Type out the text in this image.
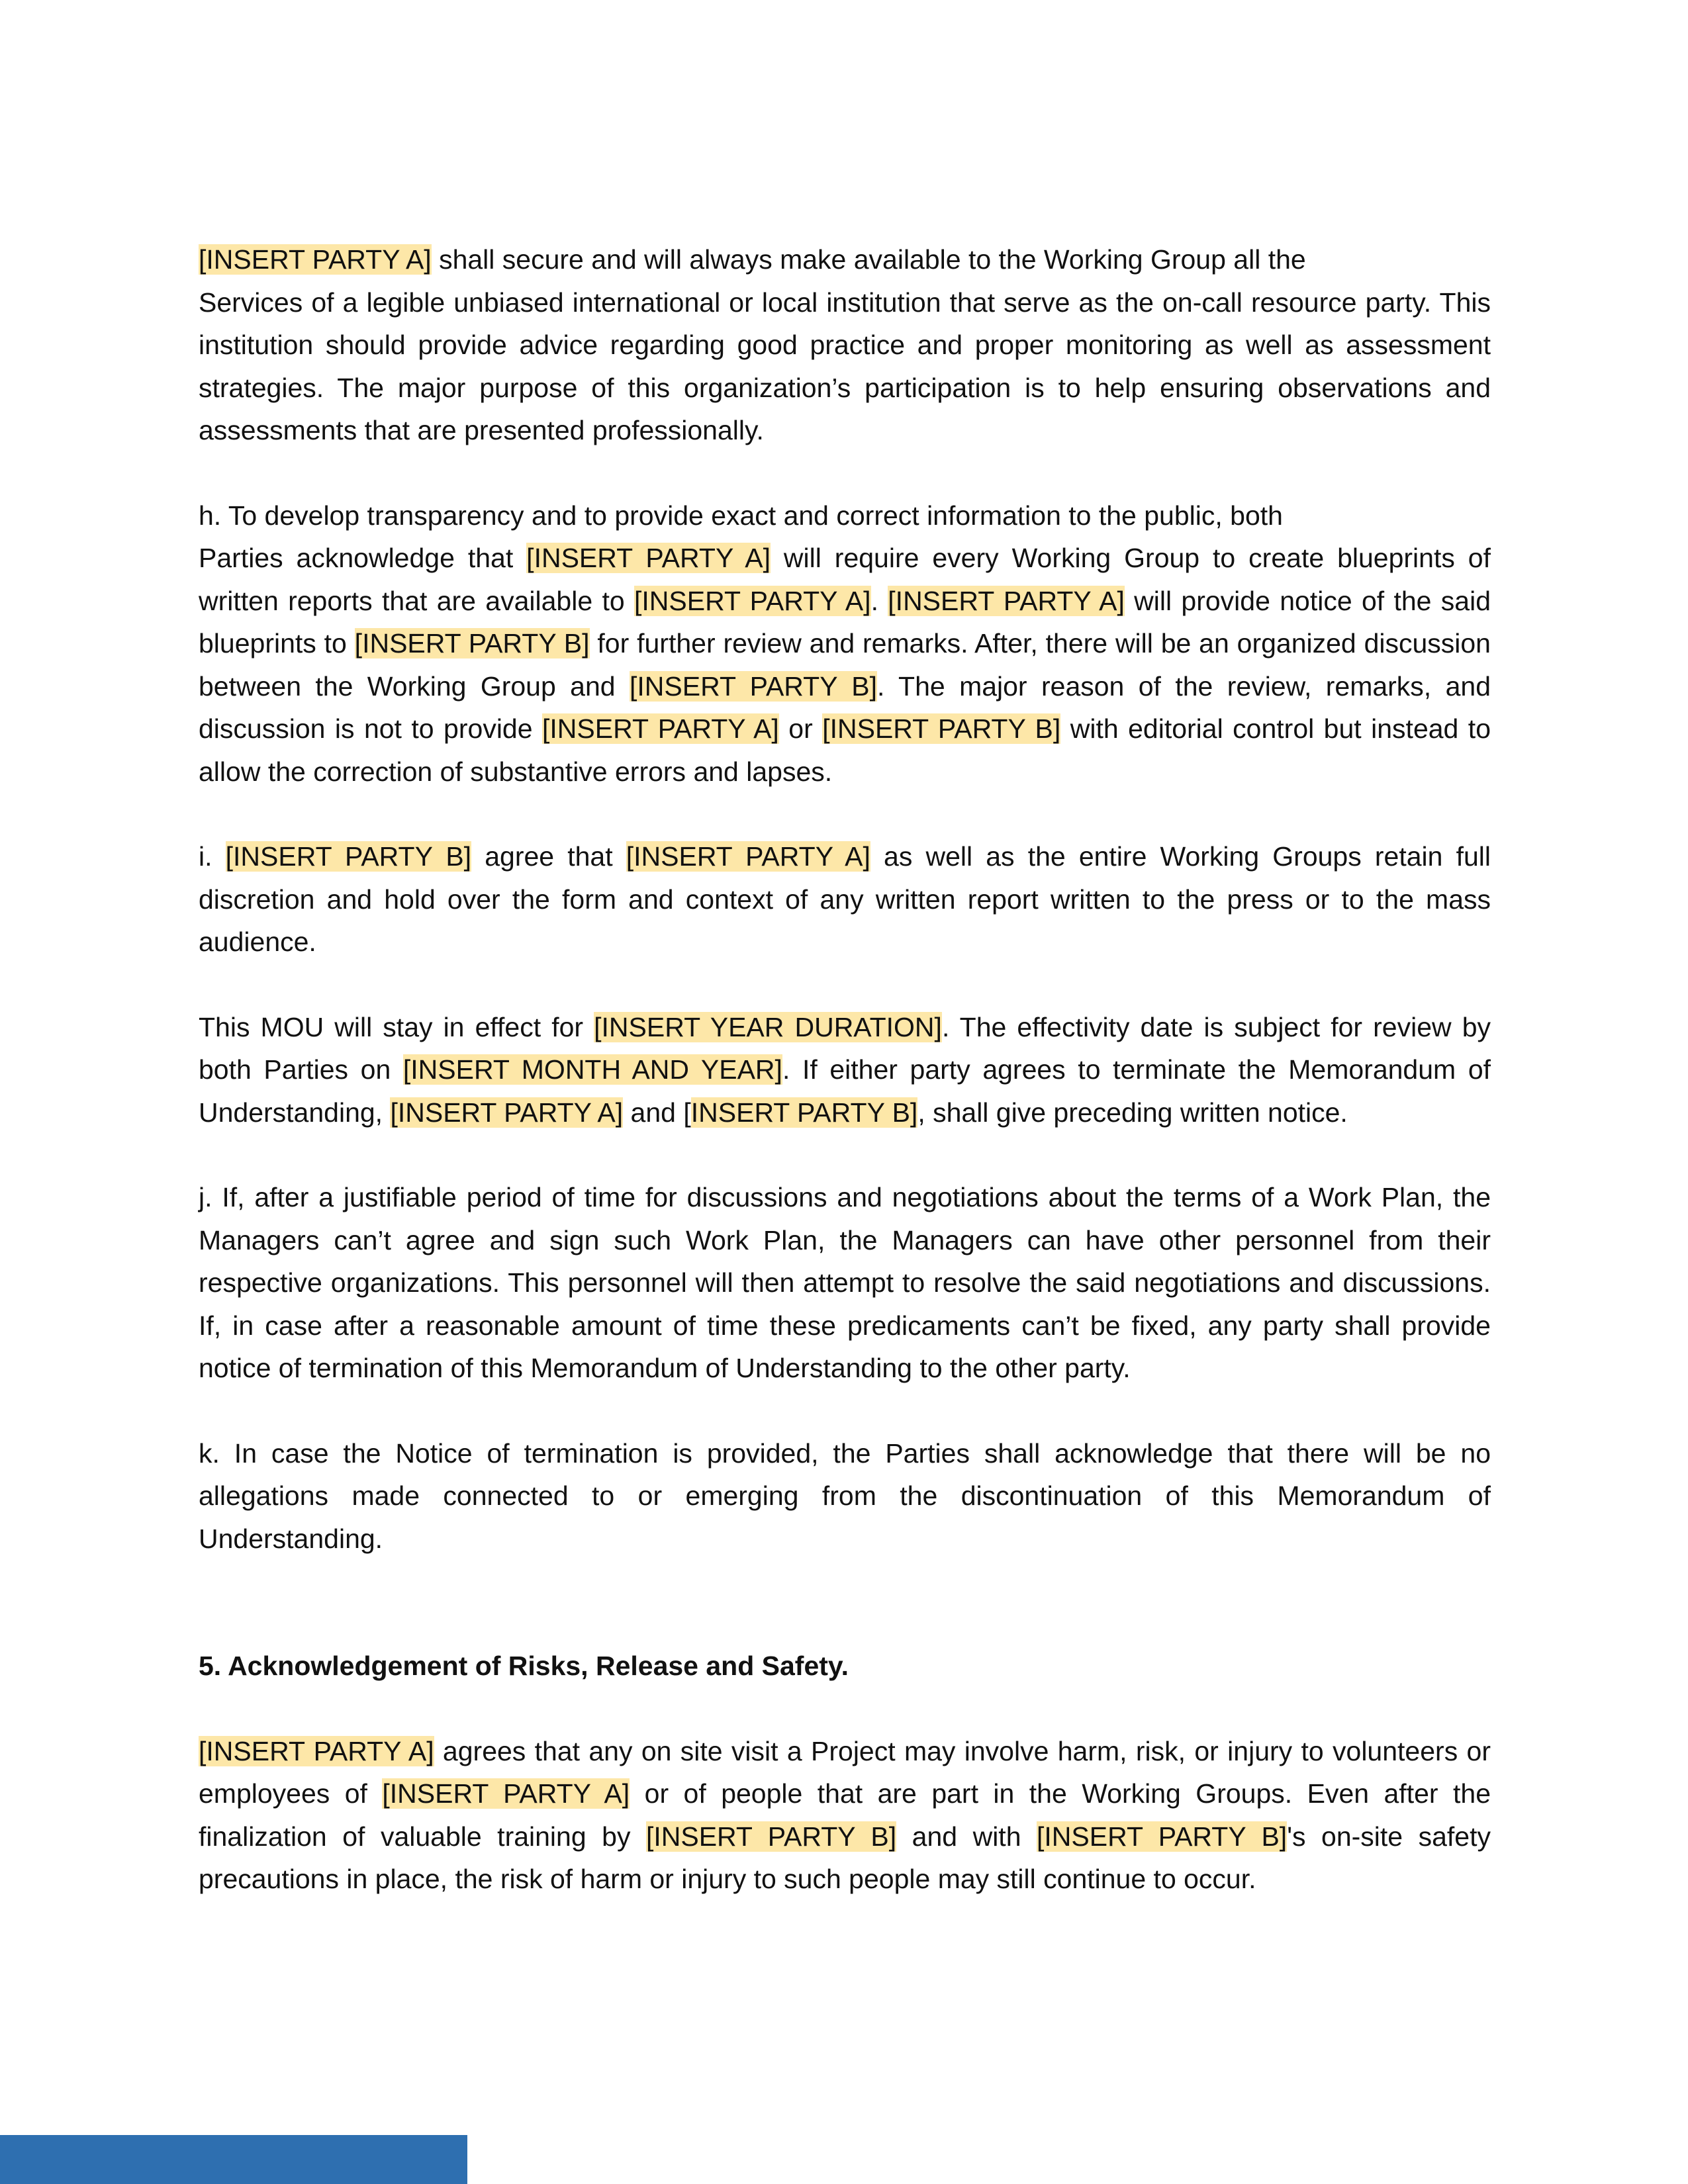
[INSERT PARTY A] shall secure and will always make available to the Working Group all the
Services of a legible unbiased international or local institution that serve as the on-call resource party. This institution should provide advice regarding good practice and proper monitoring as well as assessment strategies. The major purpose of this organization’s participation is to help ensuring observations and assessments that are presented professionally.

h. To develop transparency and to provide exact and correct information to the public, both
Parties acknowledge that [INSERT PARTY A] will require every Working Group to create blueprints of written reports that are available to [INSERT PARTY A]. [INSERT PARTY A] will provide notice of the said blueprints to [INSERT PARTY B] for further review and remarks. After, there will be an organized discussion between the Working Group and [INSERT PARTY B]. The major reason of the review, remarks, and discussion is not to provide [INSERT PARTY A] or [INSERT PARTY B] with editorial control but instead to allow the correction of substantive errors and lapses.

i. [INSERT PARTY B] agree that [INSERT PARTY A] as well as the entire Working Groups retain full discretion and hold over the form and context of any written report written to the press or to the mass audience.

This MOU will stay in effect for [INSERT YEAR DURATION]. The effectivity date is subject for review by both Parties on [INSERT MONTH AND YEAR]. If either party agrees to terminate the Memorandum of Understanding, [INSERT PARTY A] and [INSERT PARTY B], shall give preceding written notice.

j. If, after a justifiable period of time for discussions and negotiations about the terms of a Work Plan, the Managers can’t agree and sign such Work Plan, the Managers can have other personnel from their respective organizations. This personnel will then attempt to resolve the said negotiations and discussions. If, in case after a reasonable amount of time these predicaments can’t be fixed, any party shall provide notice of termination of this Memorandum of Understanding to the other party.

k. In case the Notice of termination is provided, the Parties shall acknowledge that there will be no allegations made connected to or emerging from the discontinuation of this Memorandum of Understanding.

5. Acknowledgement of Risks, Release and Safety.

[INSERT PARTY A] agrees that any on site visit a Project may involve harm, risk, or injury to volunteers or employees of [INSERT PARTY A] or of people that are part in the Working Groups. Even after the finalization of valuable training by [INSERT PARTY B] and with [INSERT PARTY B]'s on-site safety precautions in place, the risk of harm or injury to such people may still continue to occur.
